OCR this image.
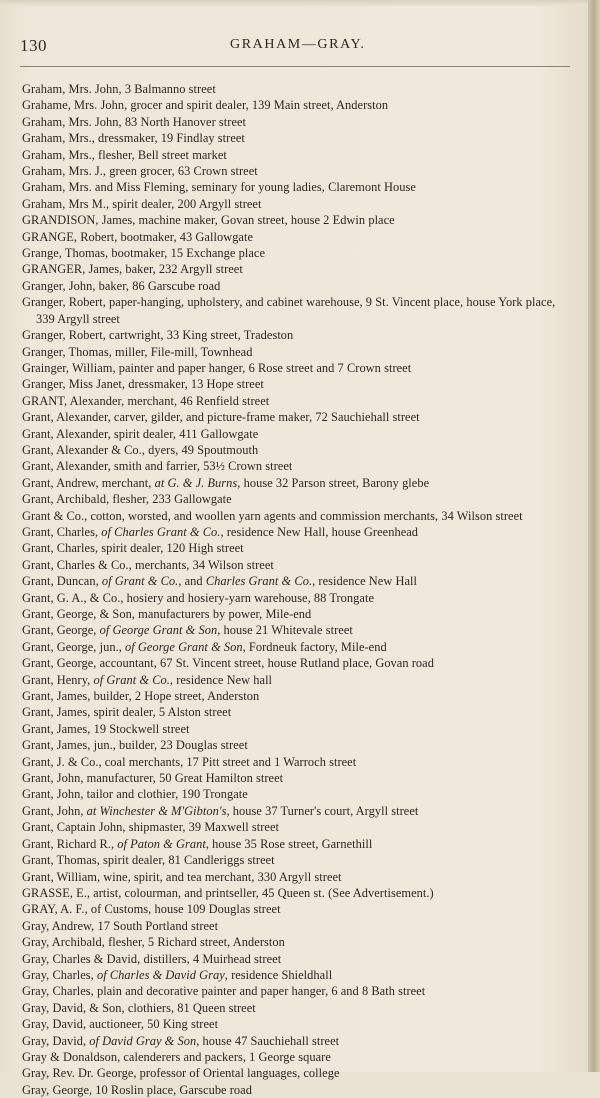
130	GRAHAM—GRAY.
Graham, Mrs. John, 3 Balmanno street
Grahame, Mrs. John, grocer and spirit dealer, 139 Main street, Anderston
Graham, Mrs. John, 83 North Hanover street
Graham, Mrs., dressmaker, 19 Findlay street
Graham, Mrs., flesher, Bell street market
Graham, Mrs. J., green grocer, 63 Crown street
Graham, Mrs. and Miss Fleming, seminary for young ladies, Claremont House
Graham, Mrs M., spirit dealer, 200 Argyll street
GRANDISON, James, machine maker, Govan street, house 2 Edwin place
GRANGE, Robert, bootmaker, 43 Gallowgate
Grange, Thomas, bootmaker, 15 Exchange place
GRANGER, James, baker, 232 Argyll street
Granger, John, baker, 86 Garscube road
Granger, Robert, paper-hanging, upholstery, and cabinet warehouse, 9 St. Vincent place, house York place, 339 Argyll street
Granger, Robert, cartwright, 33 King street, Tradeston
Granger, Thomas, miller, File-mill, Townhead
Grainger, William, painter and paper hanger, 6 Rose street and 7 Crown street
Granger, Miss Janet, dressmaker, 13 Hope street
GRANT, Alexander, merchant, 46 Renfield street
Grant, Alexander, carver, gilder, and picture-frame maker, 72 Sauchiehall street
Grant, Alexander, spirit dealer, 411 Gallowgate
Grant, Alexander & Co., dyers, 49 Spoutmouth
Grant, Alexander, smith and farrier, 53½ Crown street
Grant, Andrew, merchant, at G. & J. Burns, house 32 Parson street, Barony glebe
Grant, Archibald, flesher, 233 Gallowgate
Grant & Co., cotton, worsted, and woollen yarn agents and commission merchants, 34 Wilson street
Grant, Charles, of Charles Grant & Co., residence New Hall, house Greenhead
Grant, Charles, spirit dealer, 120 High street
Grant, Charles & Co., merchants, 34 Wilson street
Grant, Duncan, of Grant & Co., and Charles Grant & Co., residence New Hall
Grant, G. A., & Co., hosiery and hosiery-yarn warehouse, 88 Trongate
Grant, George, & Son, manufacturers by power, Mile-end
Grant, George, of George Grant & Son, house 21 Whitevale street
Grant, George, jun., of George Grant & Son, Fordneuk factory, Mile-end
Grant, George, accountant, 67 St. Vincent street, house Rutland place, Govan road
Grant, Henry, of Grant & Co., residence New hall
Grant, James, builder, 2 Hope street, Anderston
Grant, James, spirit dealer, 5 Alston street
Grant, James, 19 Stockwell street
Grant, James, jun., builder, 23 Douglas street
Grant, J. & Co., coal merchants, 17 Pitt street and 1 Warroch street
Grant, John, manufacturer, 50 Great Hamilton street
Grant, John, tailor and clothier, 190 Trongate
Grant, John, at Winchester & M'Gibton's, house 37 Turner's court, Argyll street
Grant, Captain John, shipmaster, 39 Maxwell street
Grant, Richard R., of Paton & Grant, house 35 Rose street, Garnethill
Grant, Thomas, spirit dealer, 81 Candleriggs street
Grant, William, wine, spirit, and tea merchant, 330 Argyll street
GRASSE, E., artist, colourman, and printseller, 45 Queen st. (See Advertisement.)
GRAY, A. F., of Customs, house 109 Douglas street
Gray, Andrew, 17 South Portland street
Gray, Archibald, flesher, 5 Richard street, Anderston
Gray, Charles & David, distillers, 4 Muirhead street
Gray, Charles, of Charles & David Gray, residence Shieldhall
Gray, Charles, plain and decorative painter and paper hanger, 6 and 8 Bath street
Gray, David, & Son, clothiers, 81 Queen street
Gray, David, auctioneer, 50 King street
Gray, David, of David Gray & Son, house 47 Sauchiehall street
Gray & Donaldson, calenderers and packers, 1 George square
Gray, Rev. Dr. George, professor of Oriental languages, college
Gray, George, 10 Roslin place, Garscube road
